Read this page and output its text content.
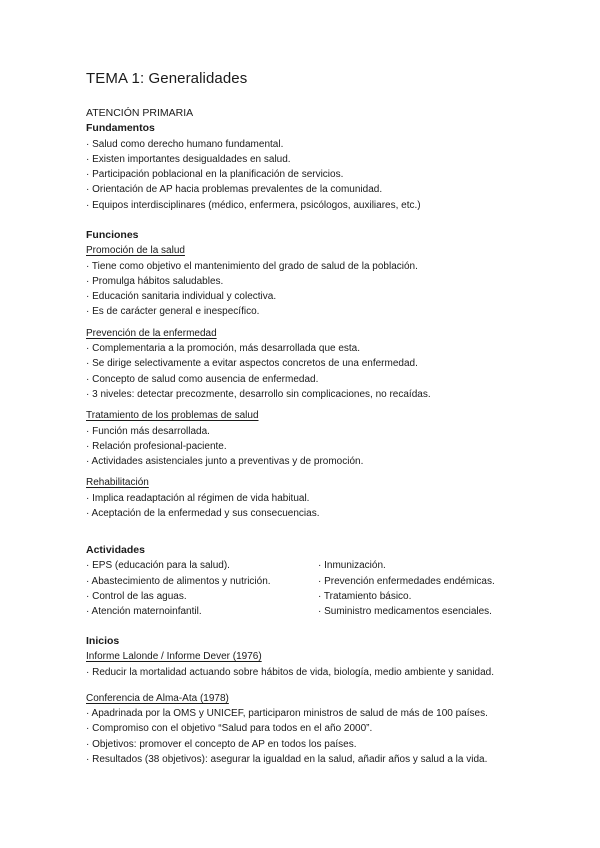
TEMA 1: Generalidades
ATENCIÓN PRIMARIA
Fundamentos
· Salud como derecho humano fundamental.
· Existen importantes desigualdades en salud.
· Participación poblacional en la planificación de servicios.
· Orientación de AP hacia problemas prevalentes de la comunidad.
· Equipos interdisciplinares (médico, enfermera, psicólogos, auxiliares, etc.)
Funciones
Promoción de la salud
· Tiene como objetivo el mantenimiento del grado de salud de la población.
· Promulga hábitos saludables.
· Educación sanitaria individual y colectiva.
· Es de carácter general e inespecífico.
Prevención de la enfermedad
· Complementaria a la promoción, más desarrollada que esta.
· Se dirige selectivamente a evitar aspectos concretos de una enfermedad.
· Concepto de salud como ausencia de enfermedad.
· 3 niveles: detectar precozmente, desarrollo sin complicaciones, no recaídas.
Tratamiento de los problemas de salud
· Función más desarrollada.
· Relación profesional-paciente.
· Actividades asistenciales junto a preventivas y de promoción.
Rehabilitación
· Implica readaptación al régimen de vida habitual.
· Aceptación de la enfermedad y sus consecuencias.
Actividades
· EPS (educación para la salud).
· Abastecimiento de alimentos y nutrición.
· Control de las aguas.
· Atención maternoinfantil.
· Inmunización.
· Prevención enfermedades endémicas.
· Tratamiento básico.
· Suministro medicamentos esenciales.
Inicios
Informe Lalonde / Informe Dever (1976)
· Reducir la mortalidad actuando sobre hábitos de vida, biología, medio ambiente y sanidad.
Conferencia de Alma-Ata (1978)
· Apadrinada por la OMS y UNICEF, participaron ministros de salud de más de 100 países.
· Compromiso con el objetivo “Salud para todos en el año 2000”.
· Objetivos: promover el concepto de AP en todos los países.
· Resultados (38 objetivos): asegurar la igualdad en la salud, añadir años y salud a la vida.
